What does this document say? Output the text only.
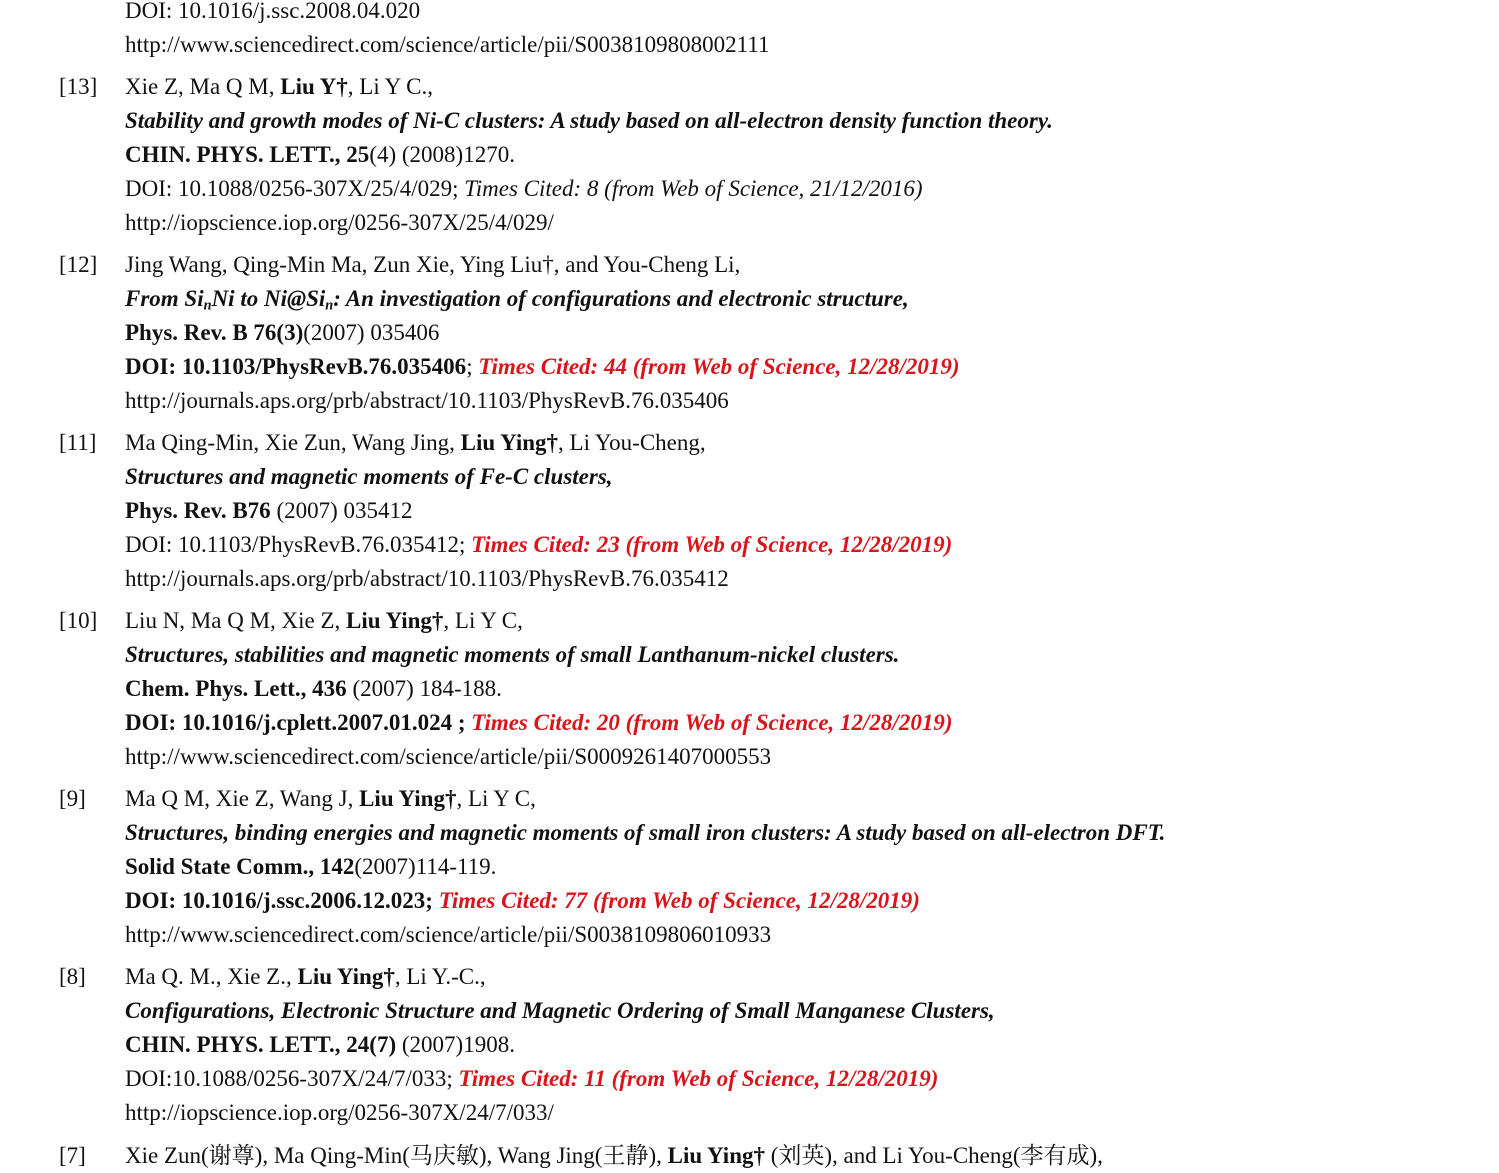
DOI: 10.1016/j.ssc.2008.04.020
http://www.sciencedirect.com/science/article/pii/S0038109808002111
[13] Xie Z, Ma Q M, Liu Y†, Li Y C.,
Stability and growth modes of Ni-C clusters: A study based on all-electron density function theory.
CHIN. PHYS. LETT., 25(4) (2008)1270.
DOI: 10.1088/0256-307X/25/4/029; Times Cited: 8 (from Web of Science, 21/12/2016)
http://iopscience.iop.org/0256-307X/25/4/029/
[12] Jing Wang, Qing-Min Ma, Zun Xie, Ying Liu†, and You-Cheng Li,
From $Si_nNi$ to $Ni@Si_n$: An investigation of configurations and electronic structure,
Phys. Rev. B 76(3)(2007) 035406
DOI: 10.1103/PhysRevB.76.035406; Times Cited: 44 (from Web of Science, 12/28/2019)
http://journals.aps.org/prb/abstract/10.1103/PhysRevB.76.035406
[11] Ma Qing-Min, Xie Zun, Wang Jing, Liu Ying†, Li You-Cheng,
Structures and magnetic moments of Fe-C clusters,
Phys. Rev. B76 (2007) 035412
DOI: 10.1103/PhysRevB.76.035412; Times Cited: 23 (from Web of Science, 12/28/2019)
http://journals.aps.org/prb/abstract/10.1103/PhysRevB.76.035412
[10] Liu N, Ma Q M, Xie Z, Liu Ying†, Li Y C,
Structures, stabilities and magnetic moments of small Lanthanum-nickel clusters.
Chem. Phys. Lett., 436 (2007) 184-188.
DOI: 10.1016/j.cplett.2007.01.024 ; Times Cited: 20 (from Web of Science, 12/28/2019)
http://www.sciencedirect.com/science/article/pii/S0009261407000553
[9] Ma Q M, Xie Z, Wang J, Liu Ying†, Li Y C,
Structures, binding energies and magnetic moments of small iron clusters: A study based on all-electron DFT.
Solid State Comm., 142(2007)114-119.
DOI: 10.1016/j.ssc.2006.12.023; Times Cited: 77 (from Web of Science, 12/28/2019)
http://www.sciencedirect.com/science/article/pii/S0038109806010933
[8] Ma Q. M., Xie Z., Liu Ying†, Li Y.-C.,
Configurations, Electronic Structure and Magnetic Ordering of Small Manganese Clusters,
CHIN. PHYS. LETT., 24(7) (2007)1908.
DOI:10.1088/0256-307X/24/7/033; Times Cited: 11 (from Web of Science, 12/28/2019)
http://iopscience.iop.org/0256-307X/24/7/033/
[7] Xie Zun(谢尊), Ma Qing-Min(马庆敏), Wang Jing(王静), Liu Ying† (刘英), and Li You-Cheng(李有成),
